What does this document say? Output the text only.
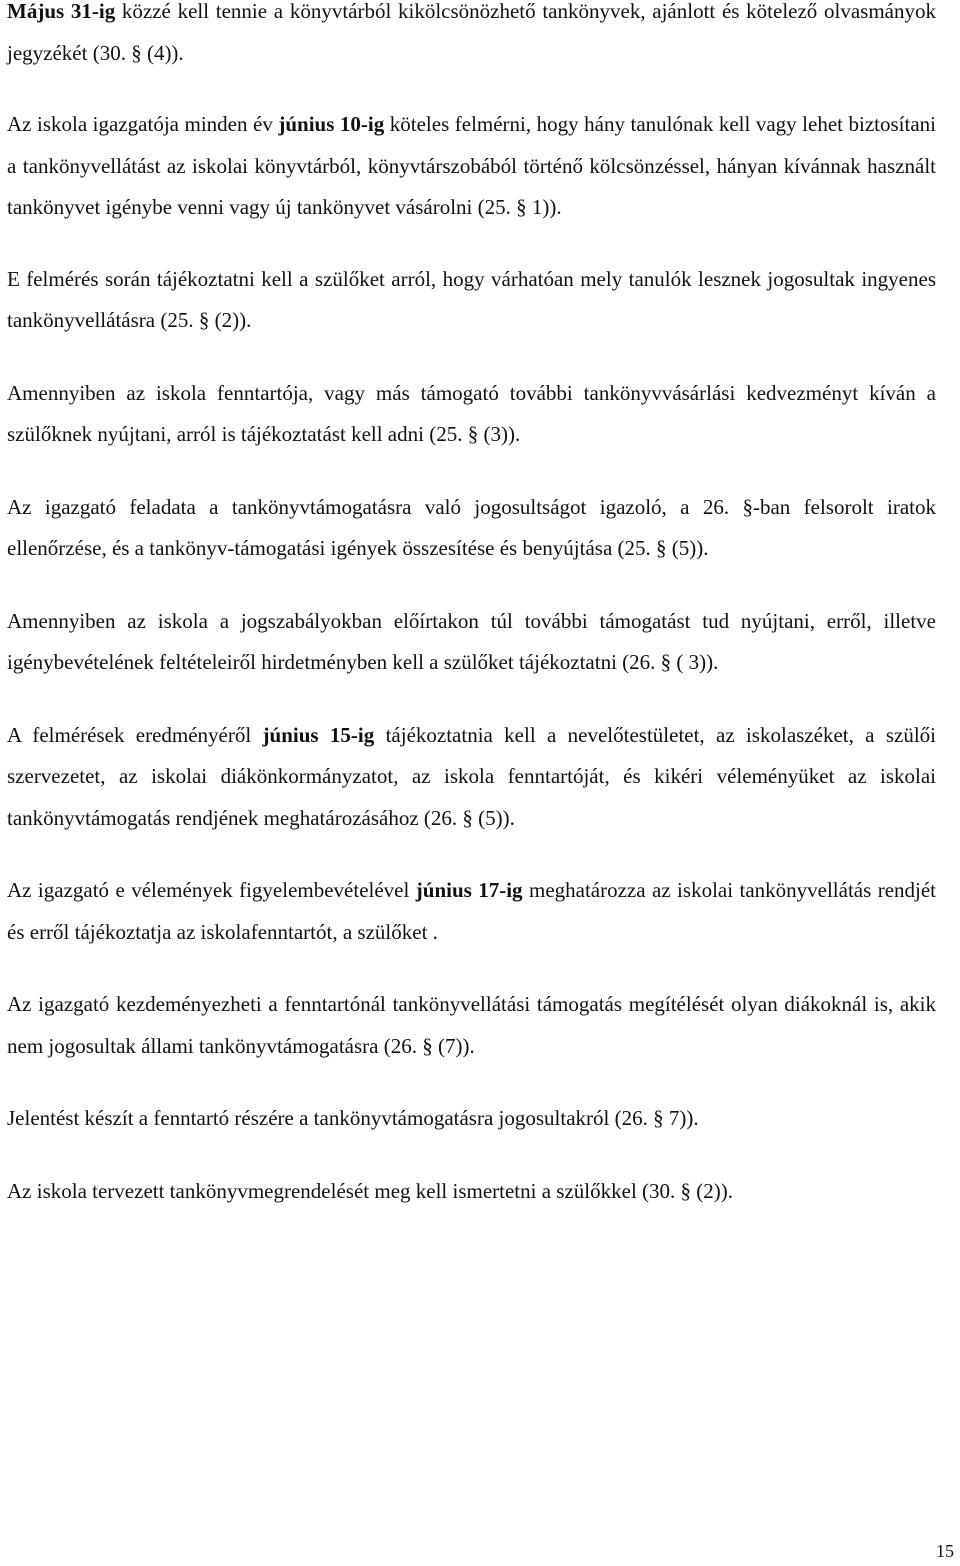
Május 31-ig közzé kell tennie a könyvtárból kikölcsönözhető tankönyvek, ajánlott és kötelező olvasmányok jegyzékét (30. § (4)).

Az iskola igazgatója minden év június 10-ig köteles felmérni, hogy hány tanulónak kell vagy lehet biztosítani a tankönyvellátást az iskolai könyvtárból, könyvtárszobából történő kölcsönzéssel, hányan kívánnak használt tankönyvet igénybe venni vagy új tankönyvet vásárolni (25. § 1)).

E felmérés során tájékoztatni kell a szülőket arról, hogy várhatóan mely tanulók lesznek jogosultak ingyenes tankönyvellátásra (25. § (2)).

Amennyiben az iskola fenntartója, vagy más támogató további tankönyvvásárlási kedvezményt kíván a szülőknek nyújtani, arról is tájékoztatást kell adni (25. § (3)).

Az igazgató feladata a tankönyvtámogatásra való jogosultságot igazoló, a 26. §-ban felsorolt iratok ellenőrzése, és a tankönyv-támogatási igények összesítése és benyújtása (25. § (5)).

Amennyiben az iskola a jogszabályokban előírtakon túl további támogatást tud nyújtani, erről, illetve igénybevételének feltételeiről hirdetményben kell a szülőket tájékoztatni (26. § ( 3)).

A felmérések eredményéről június 15-ig tájékoztatnia kell a nevelőtestületet, az iskolaszéket, a szülői szervezetet, az iskolai diákönkormányzatot, az iskola fenntartóját, és kikéri véleményüket az iskolai tankönyvtámogatás rendjének meghatározásához (26. § (5)).

Az igazgató e vélemények figyelembevételével június 17-ig meghatározza az iskolai tankönyvellátás rendjét és erről tájékoztatja az iskolafenntartót, a szülőket .

Az igazgató kezdeményezheti a fenntartónál tankönyvellátási támogatás megítélését olyan diákoknál is, akik nem jogosultak állami tankönyvtámogatásra (26. § (7)).

Jelentést készít a fenntartó részére a tankönyvtámogatásra jogosultakról (26. § 7)).

Az iskola tervezett tankönyvmegrendelését meg kell ismertetni a szülőkkel (30. § (2)).

15
